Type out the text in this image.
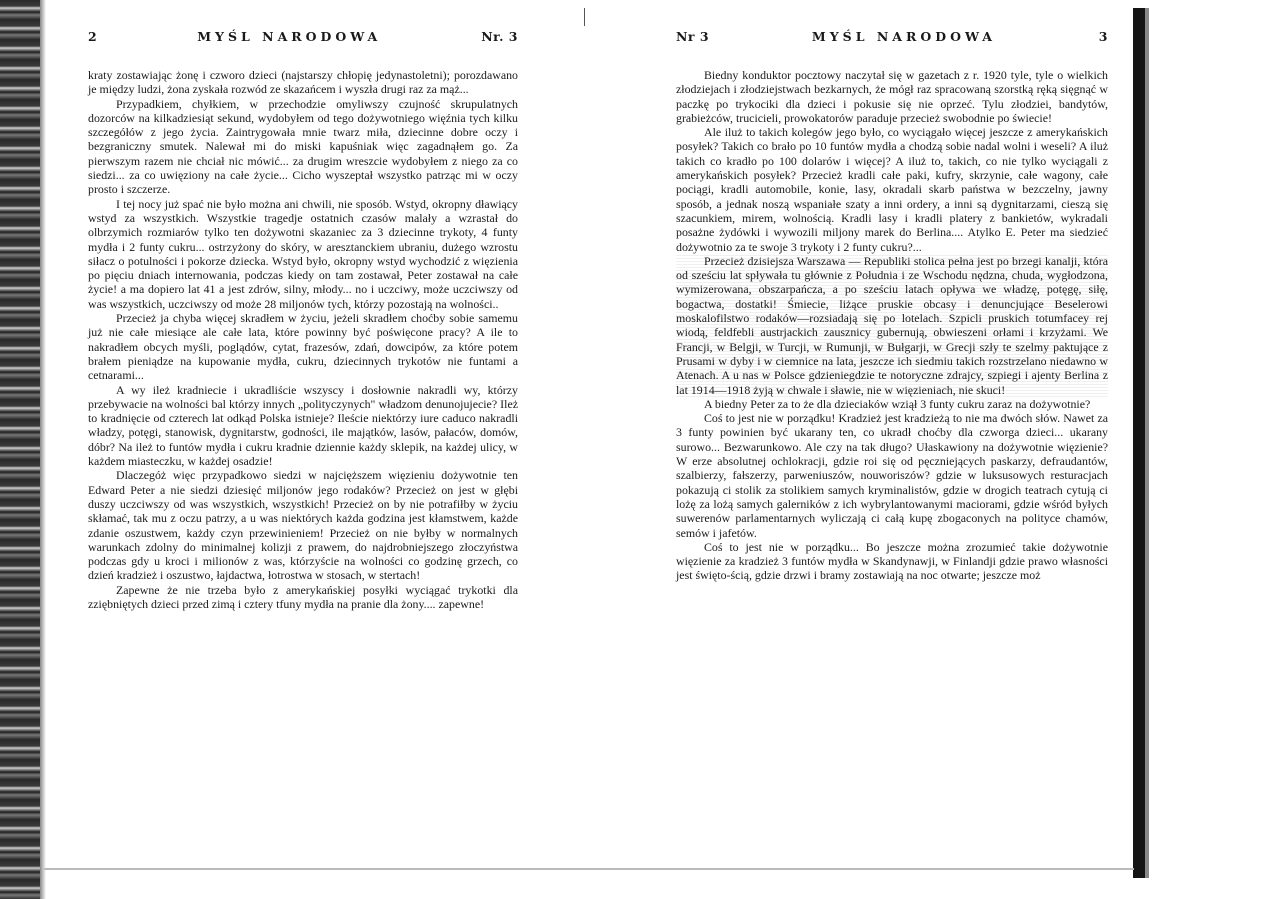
2	MYŚL NARODOWA	Nr. 3

kraty zostawiając żonę i czworo dzieci (najstarszy chłopię jedynastoletni); porozdawano je między ludzi, żona zyskała rozwód ze skazańcem i wyszła drugi raz za mąż...

Przypadkiem, chyłkiem, w przechodzie omyliwszy czujność skrupulatnych dozorców na kilkadziesiąt sekund, wydobyłem od tego dożywotniego więźnia tych kilku szczegółów z jego życia. Zaintrygowała mnie twarz miła, dziecinne dobre oczy i bezgraniczny smutek. Nalewał mi do miski kapuśniak więc zagadnąłem go. Za pierwszym razem nie chciał nic mówić... za drugim wreszcie wydobyłem z niego za co siedzi... za co uwięziony na całe życie... Cicho wyszeptał wszystko patrząc mi w oczy prosto i szczerze.

I tej nocy już spać nie było można ani chwili, nie sposób. Wstyd, okropny dławiący wstyd za wszystkich. Wszystkie tragedje ostatnich czasów malały a wzrastał do olbrzymich rozmiarów tylko ten dożywotni skazaniec za 3 dziecinne trykoty, 4 funty mydła i 2 funty cukru... ostrzyżony do skóry, w aresztanckiem ubraniu, dużego wzrostu siłacz o potulności i pokorze dziecka. Wstyd było, okropny wstyd wychodzić z więzienia po pięciu dniach internowania, podczas kiedy on tam zostawał, Peter zostawał na całe życie! a ma dopiero lat 41 a jest zdrów, silny, młody... no i uczciwy, może uczciwszy od was wszystkich, uczciwszy od może 28 miljonów tych, którzy pozostają na wolności..

Przecież ja chyba więcej skradłem w życiu, jeżeli skradłem choćby sobie samemu już nie całe miesiące ale całe lata, które powinny być poświęcone pracy? A ile to nakradłem obcych myśli, poglądów, cytat, frazesów, zdań, dowcipów, za które potem brałem pieniądze na kupowanie mydła, cukru, dziecinnych trykotów nie funtami a cetnarami...

A wy ileż kradniecie i ukradliście wszyscy i dosłownie nakradli wy, którzy przebywacie na wolności bal którzy innych „polityczynych" władzom denunojujecie? Ileż to kradnięcie od czterech lat odkąd Polska istnieje? Ileście niektórzy iure caduco nakradli władzy, potęgi, stanowisk, dygnitarstw, godności, ile majątków, lasów, pałaców, domów, dóbr? Na ileż to funtów mydła i cukru kradnie dziennie każdy sklepik, na każdej ulicy, w każdem miasteczku, w każdej osadzie!

Dlaczegóż więc przypadkowo siedzi w najcięższem więzieniu dożywotnie ten Edward Peter a nie siedzi dziesięć miljonów jego rodaków? Przecież on jest w głębi duszy uczciwszy od was wszystkich, wszystkich! Przecież on by nie potrafiłby w życiu skłamać, tak mu z oczu patrzy, a u was niektórych każda godzina jest kłamstwem, każde zdanie oszustwem, każdy czyn przewinieniem! Przecież on nie byłby w normalnych warunkach zdolny do minimalnej kolizji z prawem, do najdrobniejszego złoczyństwa podczas gdy u kroci i milionów z was, którzyście na wolności co godzinę grzech, co dzień kradzież i oszustwo, łajdactwa, łotrostwa w stosach, w stertach!

Zapewne że nie trzeba było z amerykańskiej posyłki wyciągać trykotki dla zziębniętych dzieci przed zimą i cztery tfuny mydła na pranie dla żony.... zapewne!

Nr 3	MYŚL NARODOWA	3

Biedny konduktor pocztowy naczytał się w gazetach z r. 1920 tyle, tyle o wielkich złodziejach i złodziejstwach bezkarnych, że mógł raz spracowaną szorstką ręką sięgnąć w paczkę po trykociki dla dzieci i pokusie się nie oprzeć. Tylu złodziei, bandytów, grabieżców, trucicieli, prowokatorów paraduje przecież swobodnie po świecie!

Ale iluż to takich kolegów jego było, co wyciągało więcej jeszcze z amerykańskich posyłek? Takich co brało po 10 funtów mydła a chodzą sobie nadal wolni i weseli? A iluż takich co kradło po 100 dolarów i więcej? A iluż to, takich, co nie tylko wyciągali z amerykańskich posyłek? Przecież kradli całe paki, kufry, skrzynie, całe wagony, całe pociągi, kradli automobile, konie, lasy, okradali skarb państwa w bezczelny, jawny sposób, a jednak noszą wspaniałe szaty a inni ordery, a inni są dygnitarzami, cieszą się szacunkiem, mirem, wolnością. Kradli lasy i kradli platery z bankietów, wykradali posażne żydówki i wywozili miljony marek do Berlina.... Atylko E. Peter ma siedzieć dożywotnio za te swoje 3 trykoty i 2 funty cukru?...

Przecież dzisiejsza Warszawa — Republiki stolica pełna jest po brzegi kanalji, która od sześciu lat spływała tu głównie z Południa i ze Wschodu nędzna, chuda, wygłodzona, wymizerowana, obszarpańcza, a po sześciu latach opływa we władzę, potęgę, siłę, bogactwa, dostatki! Śmiecie, liżące pruskie obcasy i denuncjujące Beselerowi moskalofilstwo rodaków—rozsiadają się po lotelach. Szpicli pruskich totumfacey rej wiodą, feldfebli austrjackich zausznicy gubernują, obwieszeni orłami i krzyżami. We Francji, w Belgji, w Turcji, w Rumunji, w Bułgarji, w Grecji szły te szelmy paktujące z Prusami w dyby i w ciemnice na lata, jeszcze ich siedmiu takich rozstrzelano niedawno w Atenach. A u nas w Polsce gdzieniegdzie te notoryczne zdrajcy, szpiegi i ajenty Berlina z lat 1914—1918 żyją w chwale i sławie, nie w więzieniach, nie skuci!

A biedny Peter za to że dla dzieciaków wziął 3 funty cukru zaraz na dożywotnie?

Coś to jest nie w porządku! Kradzież jest kradzieżą to nie ma dwóch słów. Nawet za 3 funty powinien być ukarany ten, co ukradł choćby dla czworga dzieci... ukarany surowo... Bezwarunkowo. Ale czy na tak długo? Ułaskawiony na dożywotnie więzienie? W erze absolutnej ochlokracji, gdzie roi się od pęczniejących paskarzy, defraudantów, szalbierzy, fałszerzy, parweniuszów, nouworiszów? gdzie w luksusowych resturacjach pokazują ci stolik za stolikiem samych kryminalistów, gdzie w drogich teatrach cytują ci lożę za lożą samych galerników z ich wybrylantowanymi maciorami, gdzie wśród byłych suwerenów parlamentarnych wyliczają ci całą kupę zbogaconych na polityce chamów, semów i jafetów.

Coś to jest nie w porządku... Bo jeszcze można zrozumieć takie dożywotnie więzienie za kradzież 3 funtów mydła w Skandynawji, w Finlandji gdzie prawo własności jest święto-ścią, gdzie drzwi i bramy zostawiają na noc otwarte; jeszcze moż
